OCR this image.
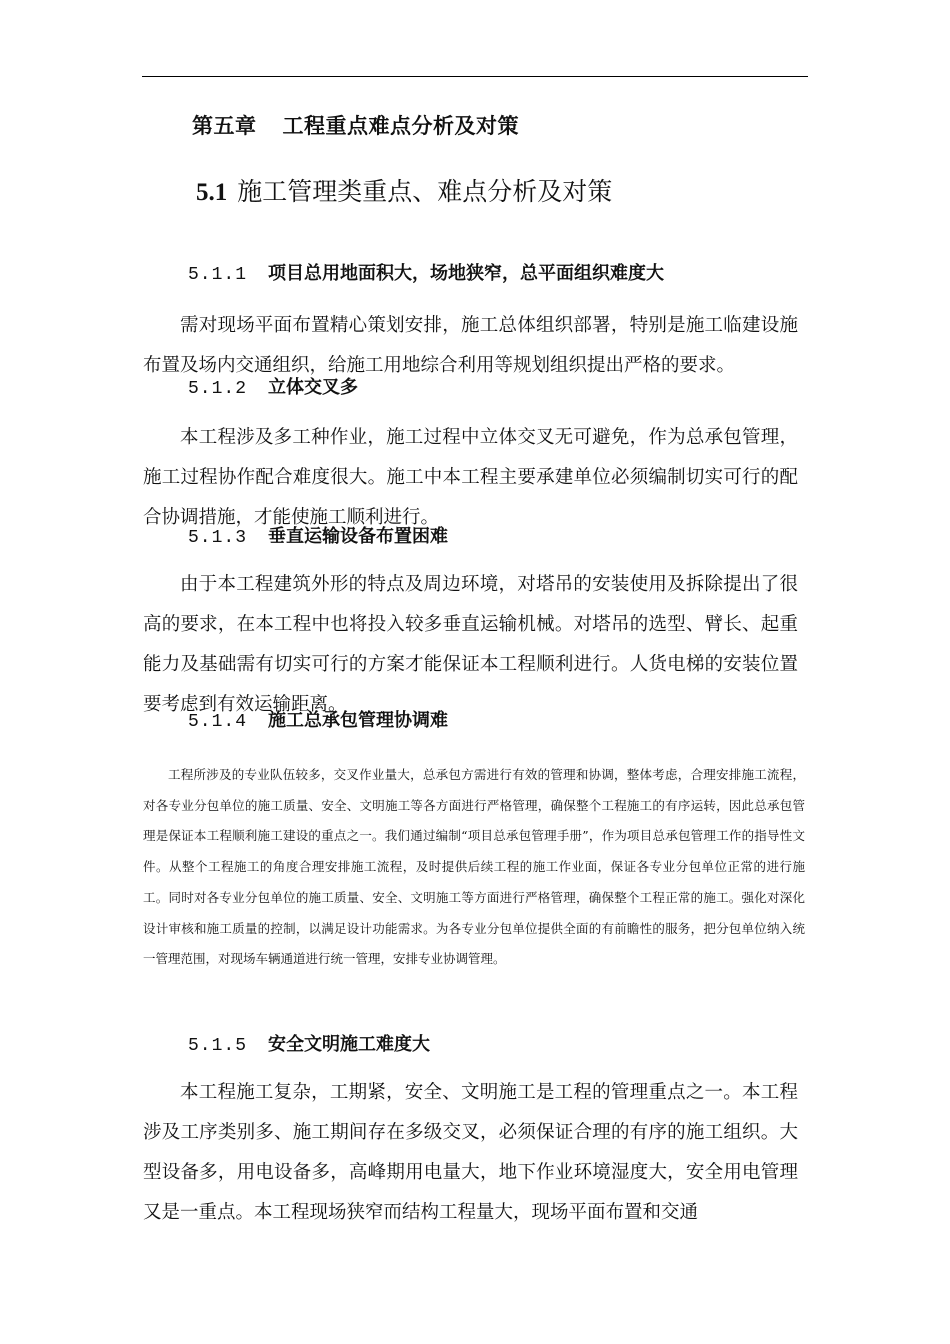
第五章 工程重点难点分析及对策
5.1 施工管理类重点、难点分析及对策
5.1.1 项目总用地面积大，场地狭窄，总平面组织难度大

需对现场平面布置精心策划安排，施工总体组织部署，特别是施工临建设施布置及场内交通组织，给施工用地综合利用等规划组织提出严格的要求。

5.1.2 立体交叉多

本工程涉及多工种作业，施工过程中立体交叉无可避免，作为总承包管理，施工过程协作配合难度很大。施工中本工程主要承建单位必须编制切实可行的配合协调措施，才能使施工顺利进行。

5.1.3 垂直运输设备布置困难

由于本工程建筑外形的特点及周边环境，对塔吊的安装使用及拆除提出了很高的要求，在本工程中也将投入较多垂直运输机械。对塔吊的选型、臂长、起重能力及基础需有切实可行的方案才能保证本工程顺利进行。人货电梯的安装位置要考虑到有效运输距离。

5.1.4 施工总承包管理协调难

工程所涉及的专业队伍较多，交叉作业量大，总承包方需进行有效的管理和协调，整体考虑，合理安排施工流程，对各专业分包单位的施工质量、安全、文明施工等各方面进行严格管理，确保整个工程施工的有序运转，因此总承包管理是保证本工程顺利施工建设的重点之一。我们通过编制“项目总承包管理手册”，作为项目总承包管理工作的指导性文件。从整个工程施工的角度合理安排施工流程，及时提供后续工程的施工作业面，保证各专业分包单位正常的进行施工。同时对各专业分包单位的施工质量、安全、文明施工等方面进行严格管理，确保整个工程正常的施工。强化对深化设计审核和施工质量的控制，以满足设计功能需求。为各专业分包单位提供全面的有前瞻性的服务，把分包单位纳入统一管理范围，对现场车辆通道进行统一管理，安排专业协调管理。

5.1.5 安全文明施工难度大

本工程施工复杂，工期紧，安全、文明施工是工程的管理重点之一。本工程涉及工序类别多、施工期间存在多级交叉，必须保证合理的有序的施工组织。大型设备多，用电设备多，高峰期用电量大，地下作业环境湿度大，安全用电管理又是一重点。本工程现场狭窄而结构工程量大，现场平面布置和交通
